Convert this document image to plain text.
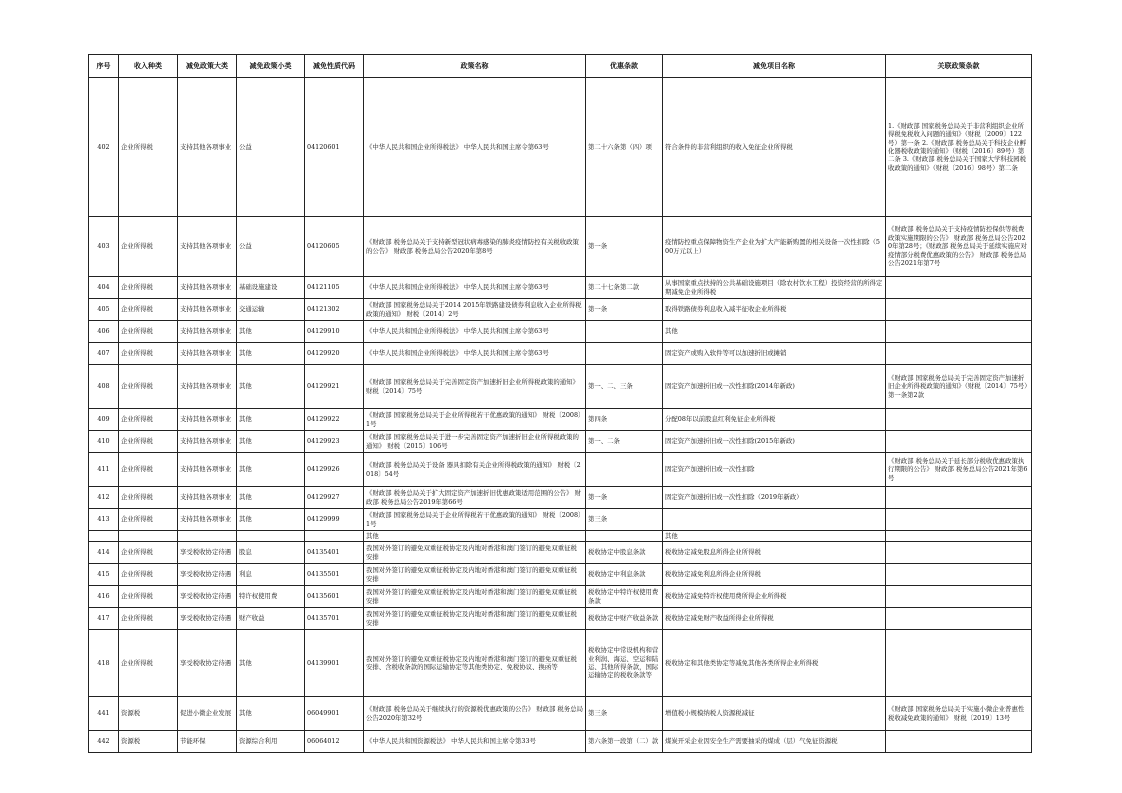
序号	收入种类	减免政策大类	减免政策小类	减免性质代码	政策名称	优惠条款	减免项目名称	关联政策条款

402	企业所得税	支持其他各项事业	公益	04120601	《中华人民共和国企业所得税法》 中华人民共和国主席令第63号	第二十六条第（四）项	符合条件的非营利组织的收入免征企业所得税	1.《财政部 国家税务总局关于非营利组织企业所得税免税收入问题的通知》（财税〔2009〕122号）第一条 2.《财政部 税务总局关于科技企业孵化器税收政策的通知》（财税〔2016〕89号）第二条 3.《财政部 税务总局关于国家大学科技园税收政策的通知》（财税〔2016〕98号）第二条

403	企业所得税	支持其他各项事业	公益	04120605	《财政部 税务总局关于支持新型冠状病毒感染的肺炎疫情防控有关税收政策的公告》 财政部 税务总局公告2020年第8号	第一条	疫情防控重点保障物资生产企业为扩大产能新购置的相关设备一次性扣除（500万元以上）	《财政部 税务总局关于支持疫情防控保供等税费政策实施期限的公告》 财政部 税务总局公告2020年第28号；《财政部 税务总局关于延续实施应对疫情部分税费优惠政策的公告》 财政部 税务总局公告2021年第7号

404	企业所得税	支持其他各项事业	基础设施建设	04121105	《中华人民共和国企业所得税法》 中华人民共和国主席令第63号	第二十七条第二款	从事国家重点扶持的公共基础设施项目（除农村饮水工程）投资经营的所得定期减免企业所得税	

405	企业所得税	支持其他各项事业	交通运输	04121302	《财政部 国家税务总局关于2014 2015年铁路建设债券利息收入企业所得税政策的通知》 财税〔2014〕2号	第一条	取得铁路债券利息收入减半征收企业所得税	

406	企业所得税	支持其他各项事业	其他	04129910	《中华人民共和国企业所得税法》 中华人民共和国主席令第63号		其他	

407	企业所得税	支持其他各项事业	其他	04129920	《中华人民共和国企业所得税法》 中华人民共和国主席令第63号		固定资产或购入软件等可以加速折旧或摊销	

408	企业所得税	支持其他各项事业	其他	04129921	《财政部 国家税务总局关于完善固定资产加速折旧企业所得税政策的通知》 财税〔2014〕75号	第一、二、三条	固定资产加速折旧或一次性扣除(2014年新政)	《财政部 国家税务总局关于完善固定资产加速折旧企业所得税政策的通知》（财税〔2014〕75号）第一条第2款

409	企业所得税	支持其他各项事业	其他	04129922	《财政部 国家税务总局关于企业所得税若干优惠政策的通知》 财税〔2008〕1号	第四条	分配08年以前股息红利免征企业所得税	

410	企业所得税	支持其他各项事业	其他	04129923	《财政部 国家税务总局关于进一步完善固定资产加速折旧企业所得税政策的通知》 财税〔2015〕106号	第一、二条	固定资产加速折旧或一次性扣除(2015年新政)	

411	企业所得税	支持其他各项事业	其他	04129926	《财政部 税务总局关于设备 器具扣除有关企业所得税政策的通知》 财税〔2018〕54号		固定资产加速折旧或一次性扣除	《财政部 税务总局关于延长部分税收优惠政策执行期限的公告》 财政部 税务总局公告2021年第6号

412	企业所得税	支持其他各项事业	其他	04129927	《财政部 税务总局关于扩大固定资产加速折旧优惠政策适用范围的公告》 财政部 税务总局公告2019年第66号	第一条	固定资产加速折旧或一次性扣除（2019年新政）	

413	企业所得税	支持其他各项事业	其他	04129999	《财政部 国家税务总局关于企业所得税若干优惠政策的通知》 财税〔2008〕1号	第三条		

					其他		其他	

414	企业所得税	享受税收协定待遇	股息	04135401	我国对外签订的避免双重征税协定及内地对香港和澳门签订的避免双重征税安排	税收协定中股息条款	税收协定减免股息所得企业所得税	

415	企业所得税	享受税收协定待遇	利息	04135501	我国对外签订的避免双重征税协定及内地对香港和澳门签订的避免双重征税安排	税收协定中利息条款	税收协定减免利息所得企业所得税	

416	企业所得税	享受税收协定待遇	特许权使用费	04135601	我国对外签订的避免双重征税协定及内地对香港和澳门签订的避免双重征税安排	税收协定中特许权使用费条款	税收协定减免特许权使用费所得企业所得税	

417	企业所得税	享受税收协定待遇	财产收益	04135701	我国对外签订的避免双重征税协定及内地对香港和澳门签订的避免双重征税安排	税收协定中财产收益条款	税收协定减免财产收益所得企业所得税	

418	企业所得税	享受税收协定待遇	其他	04139901	我国对外签订的避免双重征税协定及内地对香港和澳门签订的避免双重征税安排、含税收条款的国际运输协定等其他类协定、免税协议、换函等	税收协定中常设机构和营业利润、海运、空运和陆运、其他所得条款，国际运输协定的税收条款等	税收协定和其他类协定等减免其他各类所得企业所得税	

441	资源税	促进小微企业发展	其他	06049901	《财政部 税务总局关于继续执行的资源税优惠政策的公告》 财政部 税务总局公告2020年第32号	第三条	增值税小规模纳税人资源税减征	《财政部 国家税务总局关于实施小微企业普惠性税收减免政策的通知》 财税〔2019〕13号

442	资源税	节能环保	资源综合利用	06064012	《中华人民共和国资源税法》 中华人民共和国主席令第33号	第六条第一段第（二）款	煤炭开采企业因安全生产需要抽采的煤成（层）气免征资源税	
